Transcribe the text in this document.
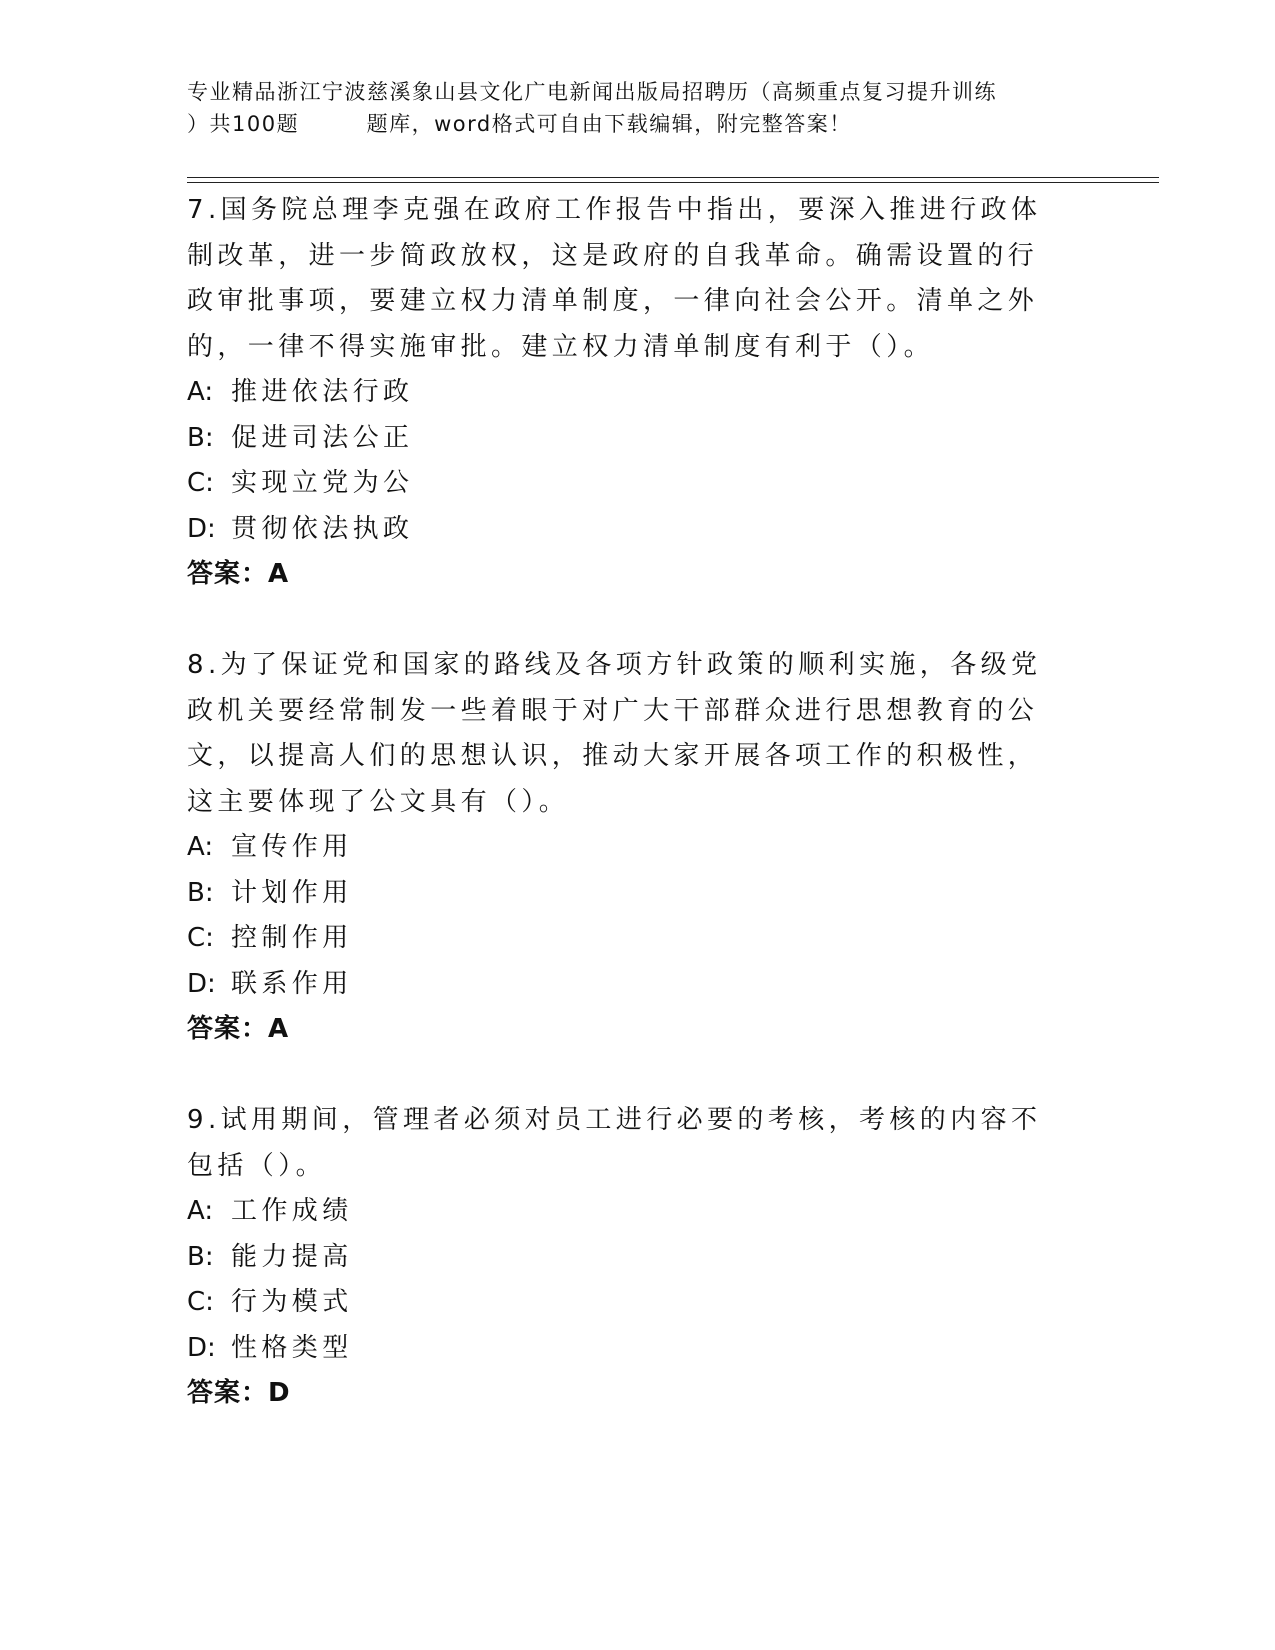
专业精品浙江宁波慈溪象山县文化广电新闻出版局招聘历（高频重点复习提升训练
）共100题　　　题库，word格式可自由下载编辑，附完整答案！

7.国务院总理李克强在政府工作报告中指出，要深入推进行政体制改革，进一步简政放权，这是政府的自我革命。确需设置的行政审批事项，要建立权力清单制度，一律向社会公开。清单之外的，一律不得实施审批。建立权力清单制度有利于（）。

A: 推进依法行政
B: 促进司法公正
C: 实现立党为公
D: 贯彻依法执政
答案：A

8.为了保证党和国家的路线及各项方针政策的顺利实施，各级党政机关要经常制发一些着眼于对广大干部群众进行思想教育的公文，以提高人们的思想认识，推动大家开展各项工作的积极性，这主要体现了公文具有（）。

A: 宣传作用
B: 计划作用
C: 控制作用
D: 联系作用
答案：A

9.试用期间，管理者必须对员工进行必要的考核，考核的内容不包括（）。

A: 工作成绩
B: 能力提高
C: 行为模式
D: 性格类型
答案：D
